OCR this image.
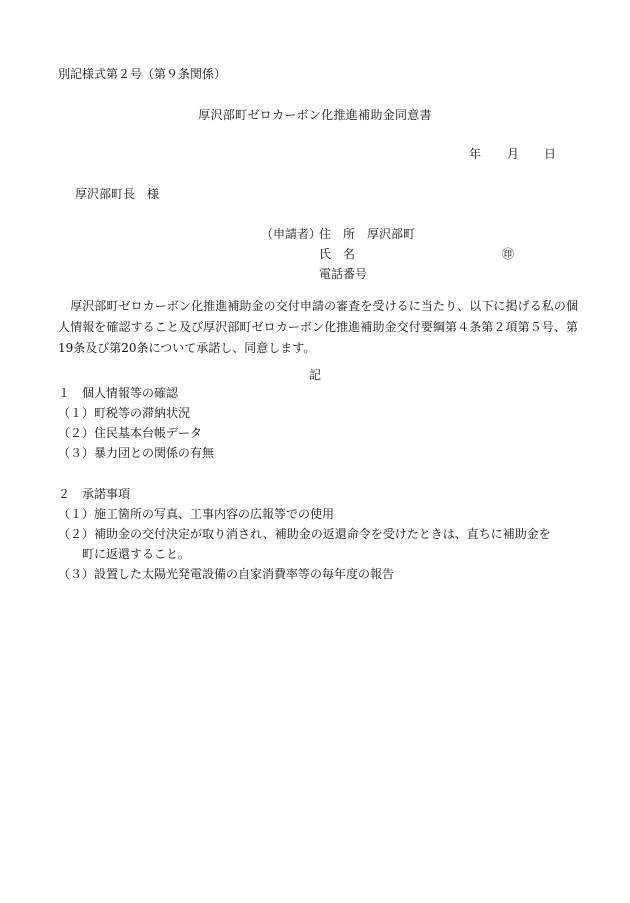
別記様式第２号（第９条関係）
厚沢部町ゼロカーボン化推進補助金同意書
年 月 日
厚沢部町長　様
（申請者）
住　所 厚沢部町
氏　名	㊞
電話番号
　厚沢部町ゼロカーボン化推進補助金の交付申請の審査を受けるに当たり、以下に掲げる私の個人情報を確認すること及び厚沢部町ゼロカーボン化推進補助金交付要綱第４条第２項第５号、第19条及び第20条について承諾し、同意します。
記
１　個人情報等の確認
（１）町税等の滞納状況
（２）住民基本台帳データ
（３）暴力団との関係の有無
２　承諾事項
（１）施工箇所の写真、工事内容の広報等での使用
（２）補助金の交付決定が取り消され、補助金の返還命令を受けたときは、直ちに補助金を
町に返還すること。
（３）設置した太陽光発電設備の自家消費率等の毎年度の報告
